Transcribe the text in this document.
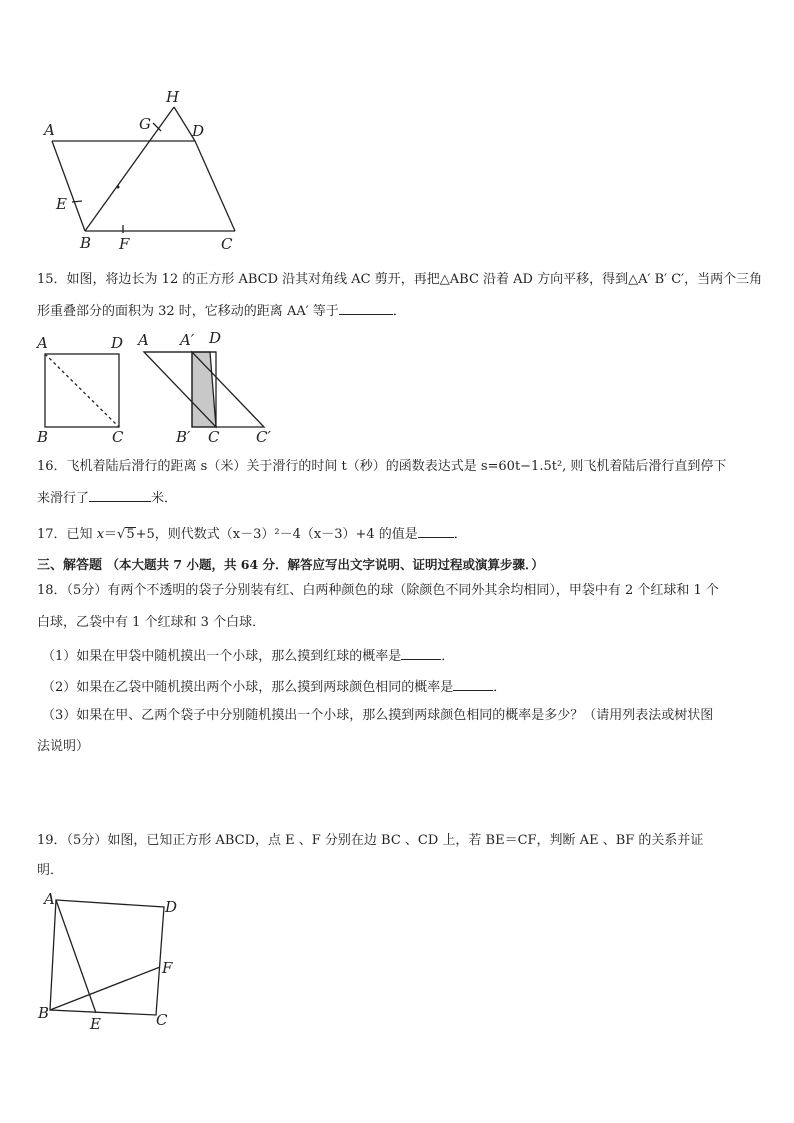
H
A	G	D
E
B F	C
15．如图，将边长为 12 的正方形 ABCD 沿其对角线 AC 剪开，再把△ABC 沿着 AD 方向平移，得到△A′ B′ C′，当两个三角
形重叠部分的面积为 32 时，它移动的距离 AA′ 等于	．
A	D
B	C
A A′ D
B′ C C′
16．飞机着陆后滑行的距离 s（米）关于滑行的时间 t（秒）的函数表达式是 s=60t−1.5t², 则飞机着陆后滑行直到停下
来滑行了	米．
17．已知 x＝√5+5，则代数式（x－3）²－4（x－3）+4 的值是	．
三、解答题 （本大题共 7 小题，共 64 分．解答应写出文字说明、证明过程或演算步骤．）
18．（5分）有两个不透明的袋子分别装有红、白两种颜色的球（除颜色不同外其余均相同），甲袋中有 2 个红球和 1 个
白球，乙袋中有 1 个红球和 3 个白球．
（1）如果在甲袋中随机摸出一个小球，那么摸到红球的概率是	．
（2）如果在乙袋中随机摸出两个小球，那么摸到两球颜色相同的概率是	．
（3）如果在甲、乙两个袋子中分别随机摸出一个小球，那么摸到两球颜色相同的概率是多少？（请用列表法或树状图
法说明）
19．（5分）如图，已知正方形 ABCD，点 E 、F 分别在边 BC 、CD 上，若 BE＝CF，判断 AE 、BF 的关系并证
明．
A	D
F
B
E	C
